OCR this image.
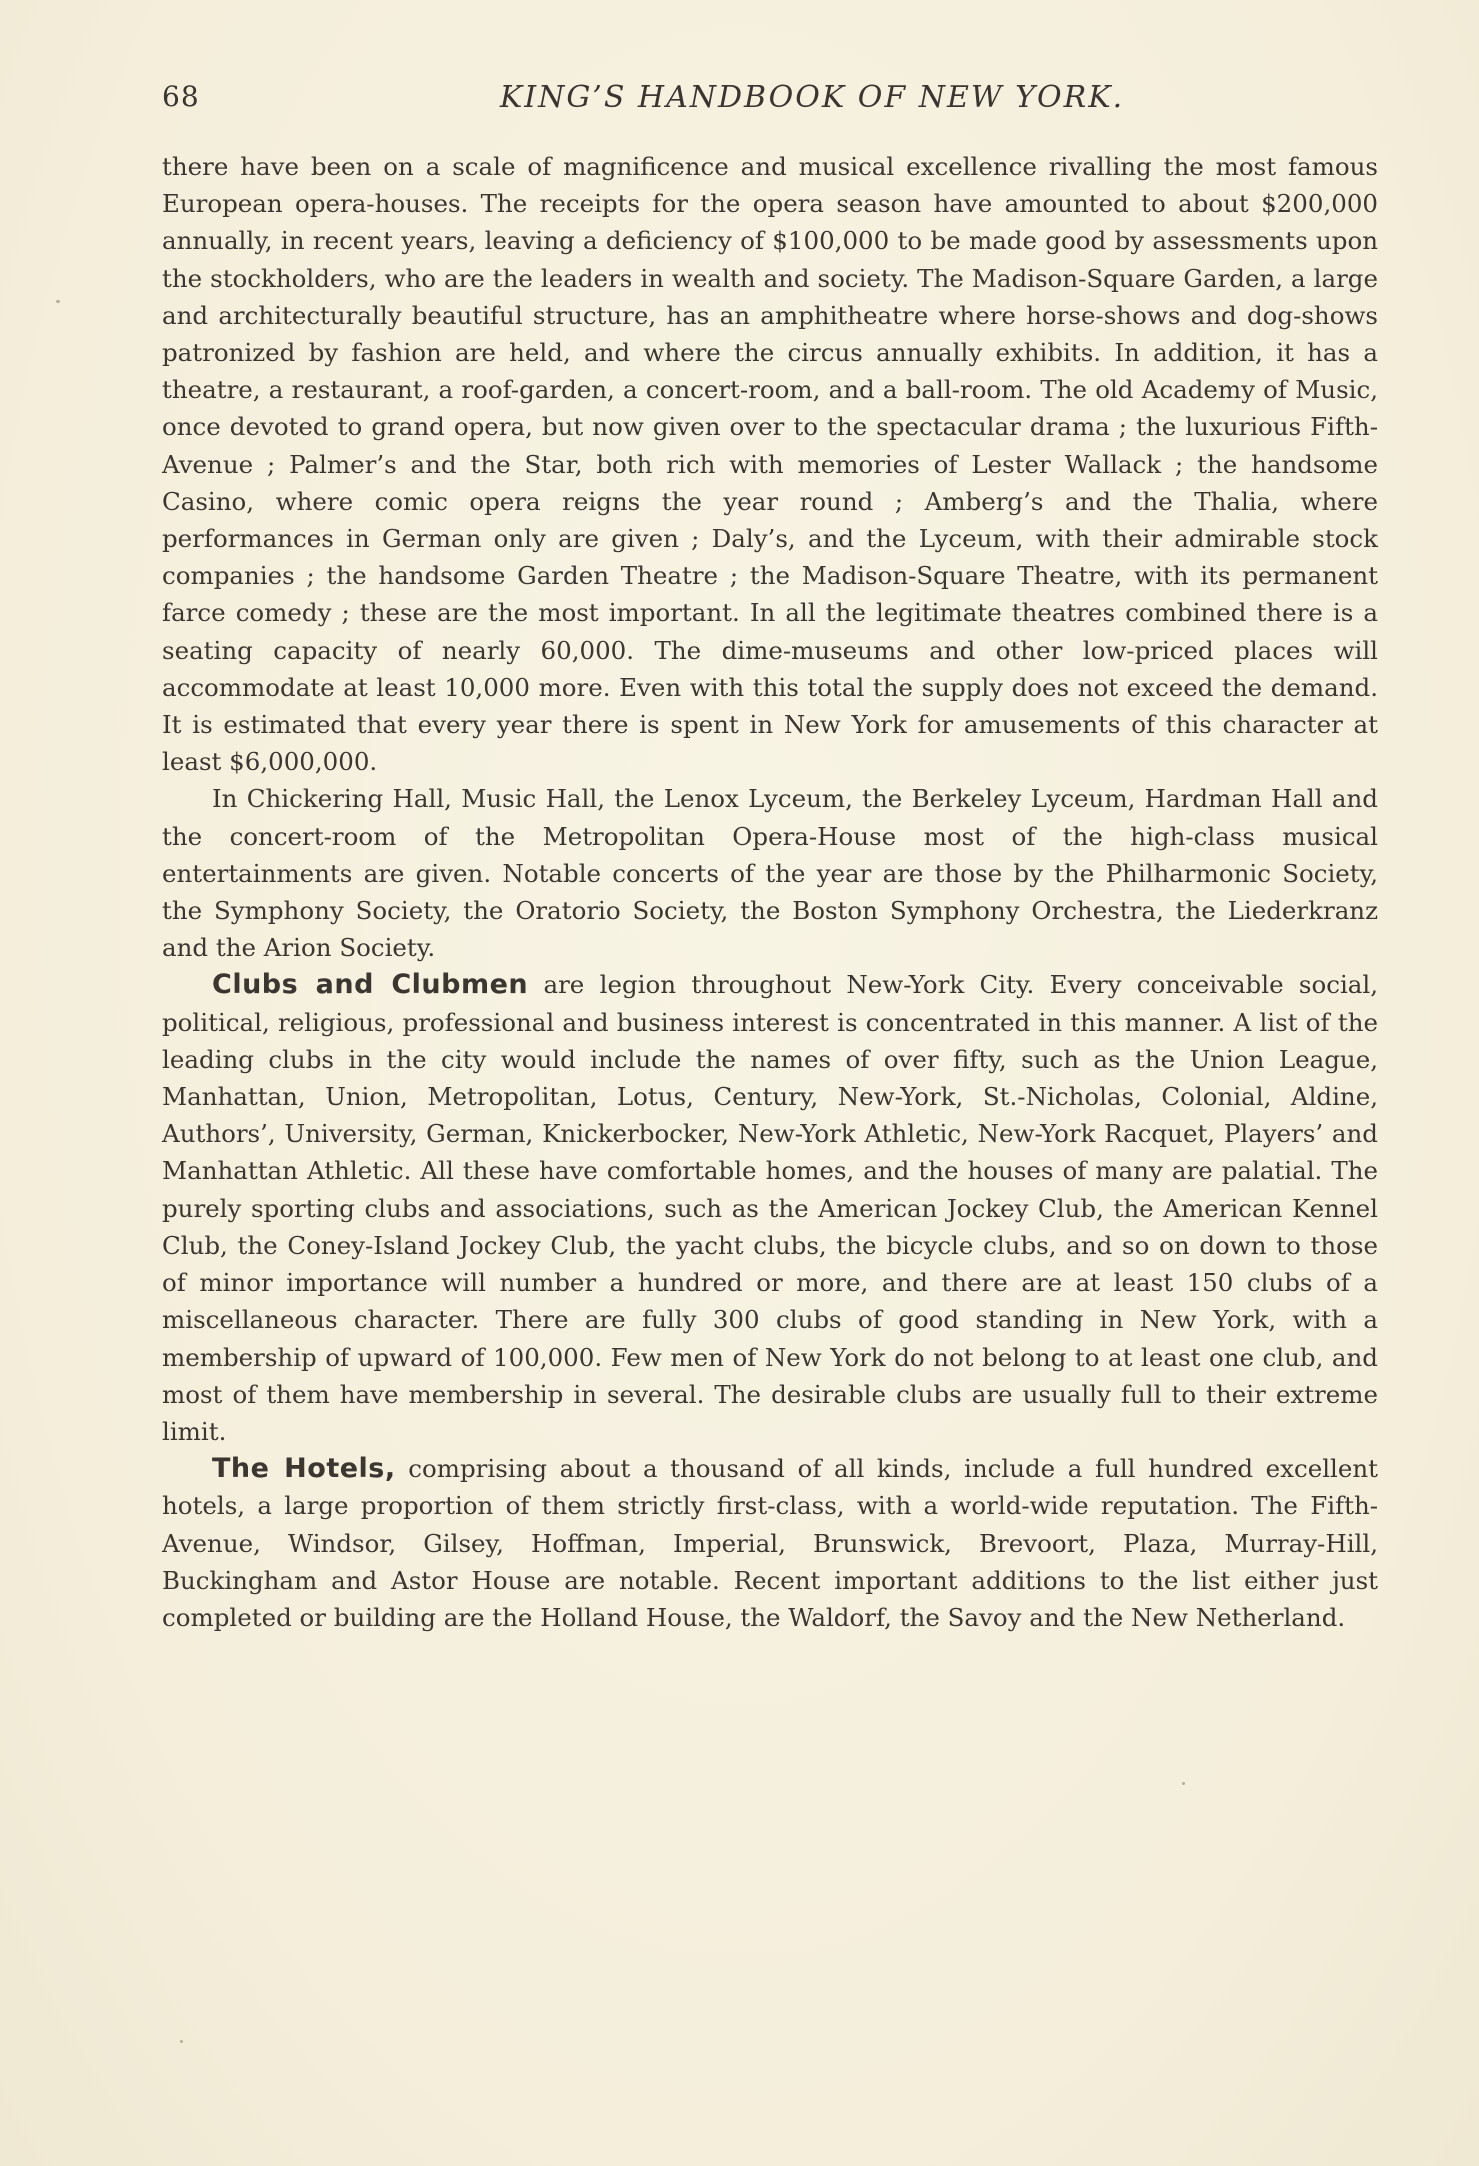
68	KING’S HANDBOOK OF NEW YORK.

there have been on a scale of magnificence and musical excellence rivalling the most famous European opera-houses. The receipts for the opera season have amounted to about $200,000 annually, in recent years, leaving a deficiency of $100,000 to be made good by assessments upon the stockholders, who are the leaders in wealth and society. The Madison-Square Garden, a large and architecturally beautiful structure, has an amphitheatre where horse-shows and dog-shows patronized by fashion are held, and where the circus annually exhibits. In addition, it has a theatre, a restaurant, a roof-garden, a concert-room, and a ball-room. The old Academy of Music, once devoted to grand opera, but now given over to the spectacular drama ; the luxurious Fifth-Avenue ; Palmer’s and the Star, both rich with memories of Lester Wallack ; the handsome Casino, where comic opera reigns the year round ; Amberg’s and the Thalia, where performances in German only are given ; Daly’s, and the Lyceum, with their admirable stock companies ; the handsome Garden Theatre ; the Madison-Square Theatre, with its permanent farce comedy ; these are the most important. In all the legitimate theatres combined there is a seating capacity of nearly 60,000. The dime-museums and other low-priced places will accommodate at least 10,000 more. Even with this total the supply does not exceed the demand. It is estimated that every year there is spent in New York for amusements of this character at least $6,000,000.

In Chickering Hall, Music Hall, the Lenox Lyceum, the Berkeley Lyceum, Hardman Hall and the concert-room of the Metropolitan Opera-House most of the high-class musical entertainments are given. Notable concerts of the year are those by the Philharmonic Society, the Symphony Society, the Oratorio Society, the Boston Symphony Orchestra, the Liederkranz and the Arion Society.

Clubs and Clubmen are legion throughout New-York City. Every conceivable social, political, religious, professional and business interest is concentrated in this manner. A list of the leading clubs in the city would include the names of over fifty, such as the Union League, Manhattan, Union, Metropolitan, Lotus, Century, New-York, St.-Nicholas, Colonial, Aldine, Authors’, University, German, Knickerbocker, New-York Athletic, New-York Racquet, Players’ and Manhattan Athletic. All these have comfortable homes, and the houses of many are palatial. The purely sporting clubs and associations, such as the American Jockey Club, the American Kennel Club, the Coney-Island Jockey Club, the yacht clubs, the bicycle clubs, and so on down to those of minor importance will number a hundred or more, and there are at least 150 clubs of a miscellaneous character. There are fully 300 clubs of good standing in New York, with a membership of upward of 100,000. Few men of New York do not belong to at least one club, and most of them have membership in several. The desirable clubs are usually full to their extreme limit.

The Hotels, comprising about a thousand of all kinds, include a full hundred excellent hotels, a large proportion of them strictly first-class, with a world-wide reputation. The Fifth-Avenue, Windsor, Gilsey, Hoffman, Imperial, Brunswick, Brevoort, Plaza, Murray-Hill, Buckingham and Astor House are notable. Recent important additions to the list either just completed or building are the Holland House, the Waldorf, the Savoy and the New Netherland.
